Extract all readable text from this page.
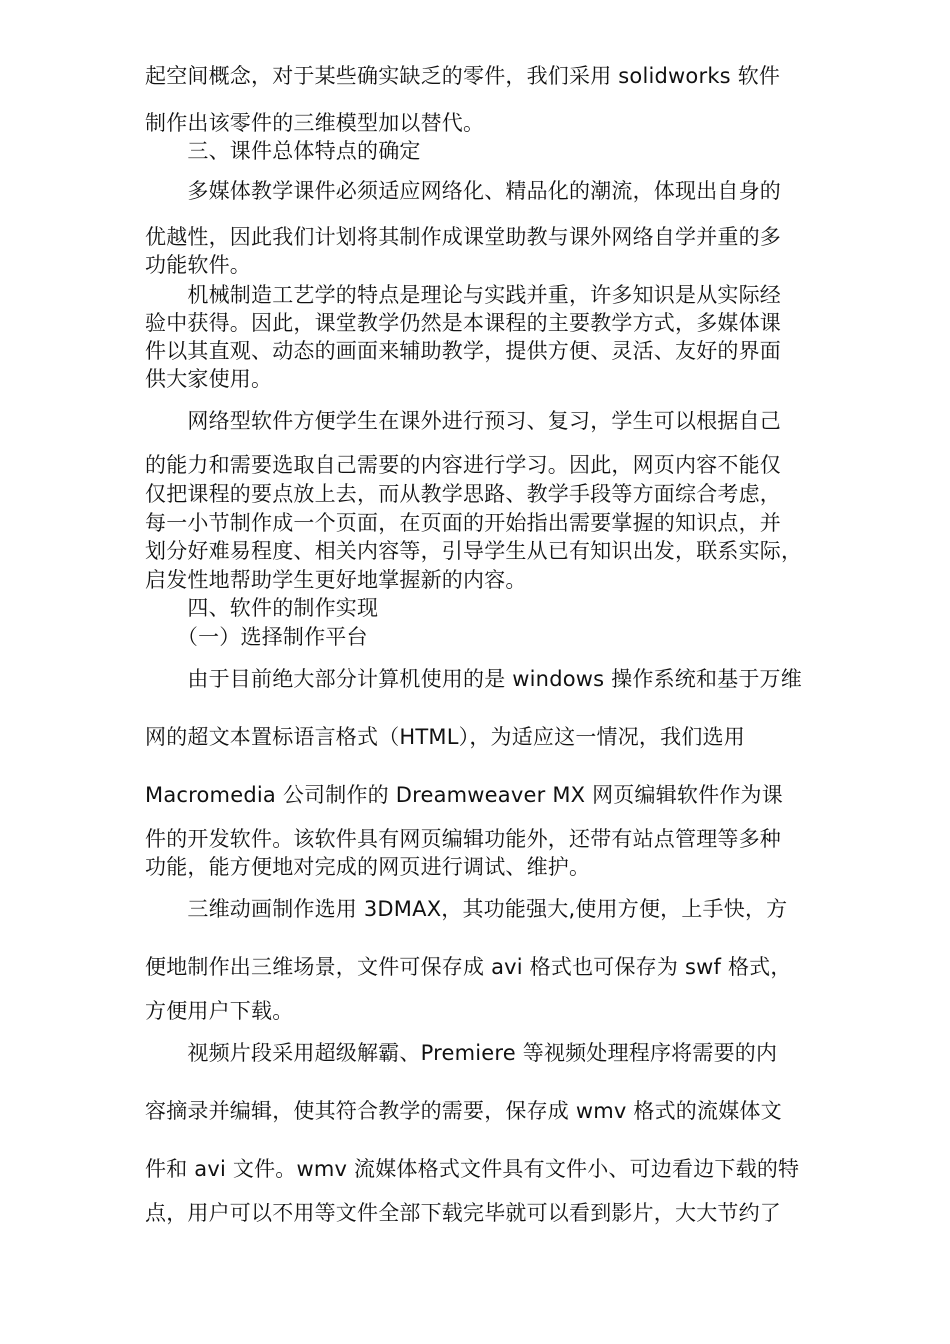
起空间概念，对于某些确实缺乏的零件，我们采用 solidworks 软件
制作出该零件的三维模型加以替代。
　　三、课件总体特点的确定
　　多媒体教学课件必须适应网络化、精品化的潮流，体现出自身的
优越性，因此我们计划将其制作成课堂助教与课外网络自学并重的多
功能软件。
　　机械制造工艺学的特点是理论与实践并重，许多知识是从实际经
验中获得。因此，课堂教学仍然是本课程的主要教学方式，多媒体课
件以其直观、动态的画面来辅助教学，提供方便、灵活、友好的界面
供大家使用。
　　网络型软件方便学生在课外进行预习、复习，学生可以根据自己
的能力和需要选取自己需要的内容进行学习。因此，网页内容不能仅
仅把课程的要点放上去，而从教学思路、教学手段等方面综合考虑，
每一小节制作成一个页面，在页面的开始指出需要掌握的知识点，并
划分好难易程度、相关内容等，引导学生从已有知识出发，联系实际，
启发性地帮助学生更好地掌握新的内容。
　　四、软件的制作实现
　　（一）选择制作平台
　　由于目前绝大部分计算机使用的是 windows 操作系统和基于万维
网的超文本置标语言格式（HTML），为适应这一情况，我们选用
Macromedia 公司制作的 Dreamweaver MX 网页编辑软件作为课
件的开发软件。该软件具有网页编辑功能外，还带有站点管理等多种
功能，能方便地对完成的网页进行调试、维护。
　　三维动画制作选用 3DMAX，其功能强大,使用方便，上手快，方
便地制作出三维场景，文件可保存成 avi 格式也可保存为 swf 格式，
方便用户下载。
　　视频片段采用超级解霸、Premiere 等视频处理程序将需要的内
容摘录并编辑，使其符合教学的需要，保存成 wmv 格式的流媒体文
件和 avi 文件。wmv 流媒体格式文件具有文件小、可边看边下载的特
点，用户可以不用等文件全部下载完毕就可以看到影片，大大节约了
